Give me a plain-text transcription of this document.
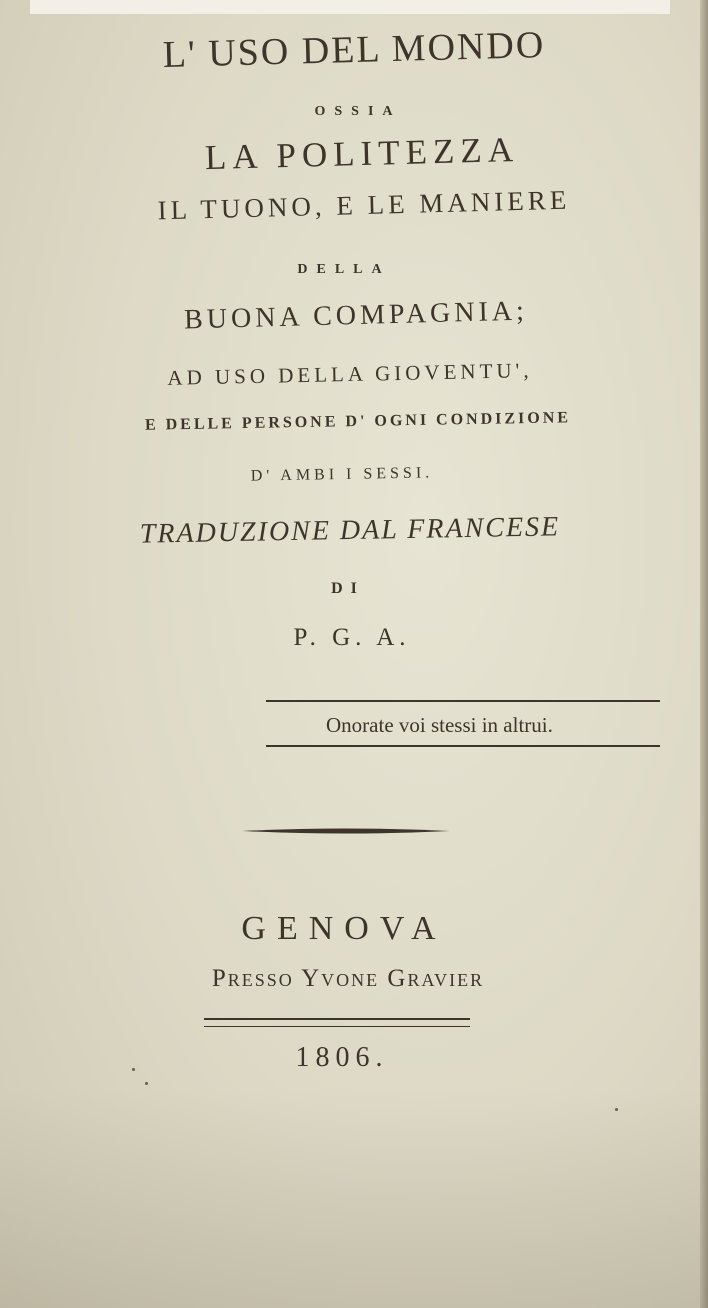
L' USO DEL MONDO
OSSIA
LA POLITEZZA
IL TUONO, E LE MANIERE
DELLA
BUONA COMPAGNIA;
AD USO DELLA GIOVENTU',
E DELLE PERSONE D' OGNI CONDIZIONE
D' AMBI I SESSI.
TRADUZIONE DAL FRANCESE
DI
P. G. A.
Onorate voi stessi in altrui.
GENOVA
Presso Yvone Gravier
1806.
